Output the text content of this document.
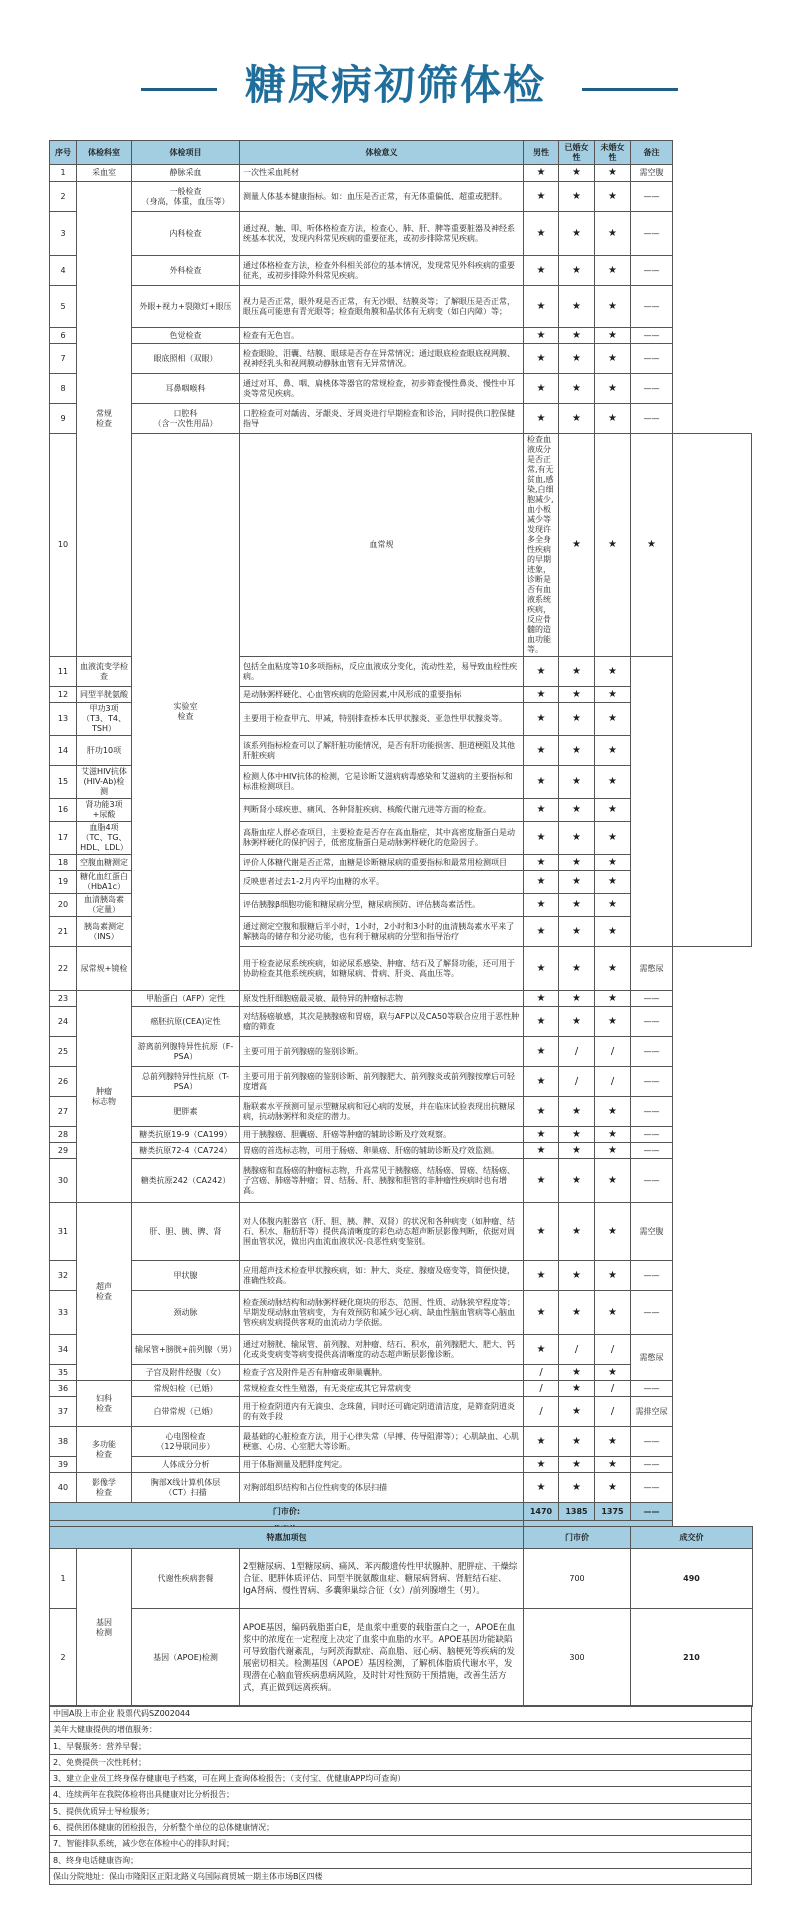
糖尿病初筛体检
序号	体检科室	体检项目	体检意义	男性	已婚女性	未婚女性	备注	
1	采血室	静脉采血	一次性采血耗材	★	★	★	需空腹	
2	常规
检查	一般检查
（身高，体重，血压等）	测量人体基本健康指标。如：血压是否正常，有无体重偏低、超重或肥胖。	★	★	★	——	
3		内科检查	通过视、触、叩、听体格检查方法，检查心、肺、肝、脾等重要脏器及神经系统基本状况，发现内科常见疾病的重要征兆，或初步排除常见疾病。	★	★	★	——	
4		外科检查	通过体格检查方法，检查外科相关部位的基本情况，发现常见外科疾病的重要征兆，或初步排除外科常见疾病。	★	★	★	——	
5		外眼+视力+裂隙灯+眼压	视力是否正常，眼外观是否正常，有无沙眼、结膜炎等；了解眼压是否正常，眼压高可能患有青光眼等；检查眼角膜和晶状体有无病变（如白内障）等；	★	★	★	——	
6		色觉检查	检查有无色盲。	★	★	★	——	
7		眼底照相（双眼）	检查眼睑、泪囊、结膜、眼球是否存在异常情况；通过眼底检查眼底视网膜、视神经乳头和视网膜动静脉血管有无异常情况。	★	★	★	——	
8		耳鼻咽喉科	通过对耳、鼻、咽、扁桃体等器官的常规检查，初步筛查慢性鼻炎、慢性中耳炎等常见疾病。	★	★	★	——	
9		口腔科
（含一次性用品）	口腔检查可对龋齿、牙龈炎、牙周炎进行早期检查和诊治，同时提供口腔保健指导	★	★	★	——	
10		实验室
检查	血常规	检查血液成分是否正常,有无贫血,感染,白细胞减少,血小板减少等发现许多全身性疾病的早期迹象，诊断是否有血液系统疾病，反应骨髓的造血功能等。	★	★	★	
11	血液流变学检查		包括全血粘度等10多项指标，反应血液成分变化，流动性差，易导致血栓性疾病。	★	★	★		
12	同型半胱氨酸		是动脉粥样硬化、心血管疾病的危险因素,中风形成的重要指标	★	★	★		
13	甲功3项
（T3、T4、TSH）		主要用于检查甲亢、甲减，特别排查桥本氏甲状腺炎、亚急性甲状腺炎等。	★	★	★		
14	肝功10项		该系列指标检查可以了解肝脏功能情况，是否有肝功能损害、胆道梗阻及其他肝脏疾病	★	★	★		
15	艾滋HIV抗体(HIV-Ab)检测		检测人体中HIV抗体的检测，它是诊断艾滋病病毒感染和艾滋病的主要指标和标准检测项目。	★	★	★		
16	肾功能3项+尿酸		判断肾小球疾患、痛风、各种肾脏疾病、核酸代谢亢进等方面的检查。	★	★	★		
17	血脂4项
（TC、TG、HDL、LDL）		高脂血症人群必查项目，主要检查是否存在高血脂症，其中高密度脂蛋白是动脉粥样硬化的保护因子，低密度脂蛋白是动脉粥样硬化的危险因子。	★	★	★		
18	空腹血糖测定		评价人体糖代谢是否正常，血糖是诊断糖尿病的重要指标和最常用检测项目	★	★	★		
19	糖化血红蛋白（HbA1c）		反映患者过去1-2月内平均血糖的水平。	★	★	★		
20	血清胰岛素（定量）		评估胰腺β细胞功能和糖尿病分型，糖尿病预防、评估胰岛素活性。	★	★	★		
21	胰岛素测定（INS）		通过测定空腹和服糖后半小时，1小时，2小时和3小时的血清胰岛素水平来了解胰岛的储存和分泌功能，也有利于糖尿病的分型和指导治疗	★	★	★		
22	尿常规+镜检		用于检查泌尿系统疾病，如泌尿系感染、肿瘤、结石及了解肾功能，还可用于协助检查其他系统疾病，如糖尿病、骨病、肝炎、高血压等。	★	★	★	需憋尿	
23	肿瘤
标志物	甲胎蛋白（AFP）定性	原发性肝细胞癌最灵敏、最特异的肿瘤标志物	★	★	★	——	
24		癌胚抗原(CEA)定性	对结肠癌敏感，其次是胰腺癌和胃癌，联与AFP以及CA50等联合应用于恶性肿瘤的筛查	★	★	★	——	
25		游离前列腺特异性抗原（F-PSA）	主要可用于前列腺癌的鉴别诊断。	★	/	/	——	
26		总前列腺特异性抗原（T-PSA）	主要可用于前列腺癌的鉴别诊断、前列腺肥大、前列腺炎或前列腺按摩后可轻度增高	★	/	/	——	
27		肥胖素	脂联素水平预测可显示型糖尿病和冠心病的发展，并在临床试验表现出抗糖尿病，抗动脉粥样和炎症的潜力。	★	★	★	——	
28		糖类抗原19-9（CA199）	用于胰腺癌、胆囊癌、肝癌等肿瘤的辅助诊断及疗效观察。	★	★	★	——	
29		糖类抗原72-4（CA724）	胃癌的首选标志物，可用于肠癌、卵巢癌、肝癌的辅助诊断及疗效监测。	★	★	★	——	
30		糖类抗原242（CA242）	胰腺癌和直肠癌的肿瘤标志物，升高常见于胰腺癌、结肠癌、胃癌、结肠癌、子宫癌、肺癌等肿瘤；胃、结肠、肝、胰腺和胆管的非肿瘤性疾病时也有增高。	★	★	★	——	
31	超声
检查	肝、胆、胰、脾、肾	对人体腹内脏器官（肝、胆、胰、脾、双肾）的状况和各种病变（如肿瘤、结石、积水、脂肪肝等）提供高清晰度的彩色动态超声断层影像判断，依据对周围血管状况，做出内血流血液状况-良恶性病变鉴别。	★	★	★	需空腹	
32		甲状腺	应用超声技术检查甲状腺疾病，如：肿大、炎症、腺瘤及癌变等，简便快捷，准确性较高。	★	★	★	——	
33		颈动脉	检查颈动脉结构和动脉粥样硬化斑块的形态、范围、性质、动脉狭窄程度等；早期发现动脉血管病变，为有效预防和减少冠心病、缺血性脑血管病等心脑血管疾病发病提供客观的血流动力学依据。	★	★	★	——	
34		输尿管+膀胱+前列腺（男）	通过对膀胱、输尿管、前列腺、对肿瘤、结石、积水，前列腺肥大、肥大、钙化或炎变病变等病变提供高清晰度的动态超声断层影像诊断。	★	/	/	需憋尿	
35		子宫及附件经腹（女）	检查子宫及附件是否有肿瘤或卵巢囊肿。	/	★	★		
36	妇科
检查	常规妇检（已婚）	常规检查女性生殖器，有无炎症或其它异常病变	/	★	/	——	
37		白带常规（已婚）	用于检查阴道内有无滴虫、念珠菌，同时还可确定阴道清洁度，是筛查阴道炎的有效手段	/	★	/	需排空尿	
38	多功能
检查	心电图检查
（12导联同步）	最基础的心脏检查方法，用于心律失常（早搏、传导阻滞等）；心肌缺血、心肌梗塞、心房、心室肥大等诊断。	★	★	★	——	
39		人体成分分析	用于体脂测量及肥胖度判定。	★	★	★	——	
40	影像学
检查	胸部X线计算机体层
（CT）扫描	对胸部组织结构和占位性病变的体层扫描	★	★	★	——	
门市价:				1470	1385	1375	——	

特惠加项包				门市价	成交价
1	基因
检测	代谢性疾病套餐	2型糖尿病、1型糖尿病、痛风、苯丙酸遗传性甲状腺肿、肥胖症、干燥综合征、肥胖体质评估、同型半胱氨酸血症、糖尿病肾病、肾脏结石症、IgA肾病、慢性胃病、多囊卵巢综合征（女）/前列腺增生（男）。	700	490
2		基因（APOE)检测	APOE基因，编码载脂蛋白E，是血浆中重要的载脂蛋白之一，APOE在血浆中的浓度在一定程度上决定了血浆中血脂的水平。APOE基因功能缺陷可导致脂代谢紊乱，与阿茨海默症、高血脂、冠心病、脑梗死等疾病的发展密切相关。检测基因（APOE）基因检测，了解机体脂质代谢水平，发现潜在心脑血管疾病患病风险，及时针对性预防干预措施，改善生活方式，真正做到远离疾病。	300	210
中国A股上市企业 股票代码SZ002044
美年大健康提供的增值服务：
1、早餐服务：营养早餐；
2、免费提供一次性耗材；
3、建立企业员工终身保存健康电子档案，可在网上查询体检报告；（支付宝、优健康APP均可查询）
4、连续两年在我院体检将出具健康对比分析报告；
5、提供优质异士导检服务；
6、提供团体健康的团检报告，分析整个单位的总体健康情况；
7、智能排队系统，减少您在体检中心的排队时间；
8、终身电话健康咨询；
保山分院地址：保山市隆阳区正阳北路义乌国际商贸城一期主体市场B区四楼
